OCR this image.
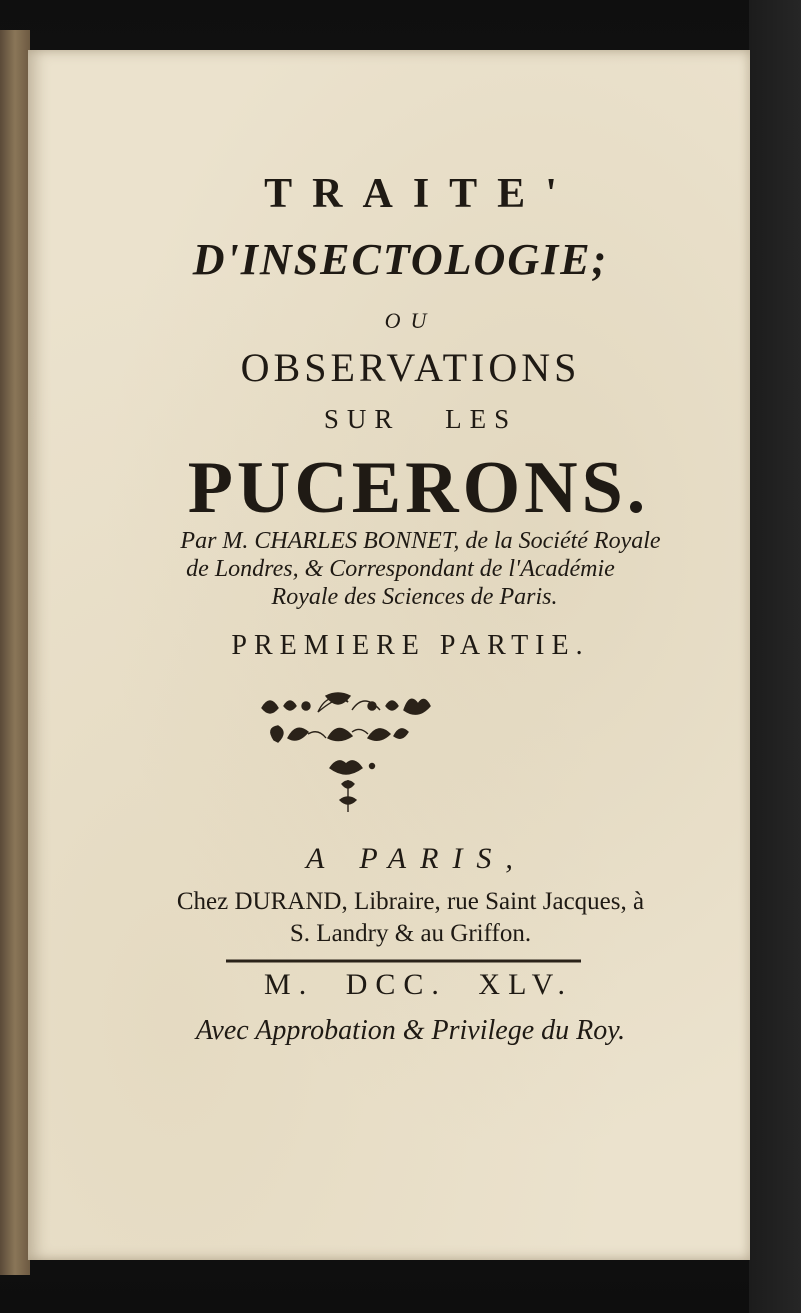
TRAITE'
D'INSECTOLOGIE;
OU
OBSERVATIONS
SUR LES
PUCERONS.
Par M. CHARLES BONNET, de la Société Royale
de Londres, & Correspondant de l'Académie
Royale des Sciences de Paris.
PREMIERE PARTIE.
A PARIS,
Chez DURAND, Libraire, rue Saint Jacques, à
S. Landry & au Griffon.
M. DCC. XLV.
Avec Approbation & Privilege du Roy.
